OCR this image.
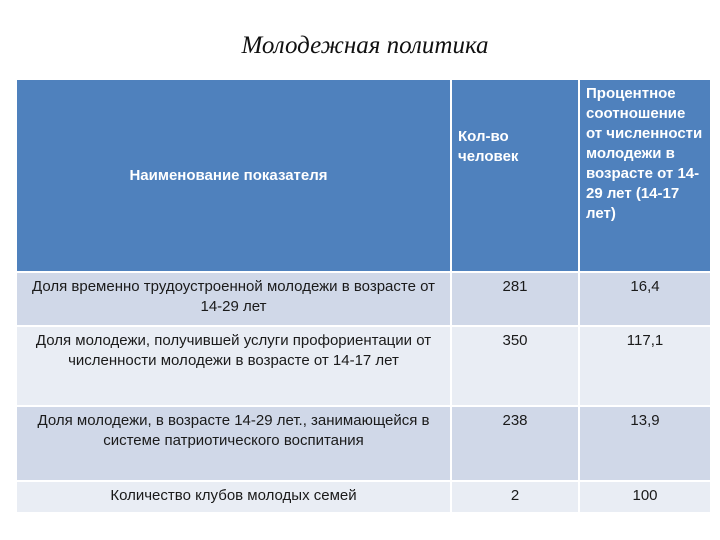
Молодежная политика
Наименование показателя	Кол-во человек	Процентное соотношение от численности молодежи в возрасте от 14-29 лет (14-17 лет)
Доля временно трудоустроенной молодежи в возрасте от 14-29 лет	281	16,4
Доля молодежи, получившей услуги профориентации от численности молодежи в возрасте от 14-17 лет	350	117,1
Доля молодежи, в возрасте 14-29 лет., занимающейся в системе патриотического воспитания	238	13,9
Количество клубов молодых семей	2	100
